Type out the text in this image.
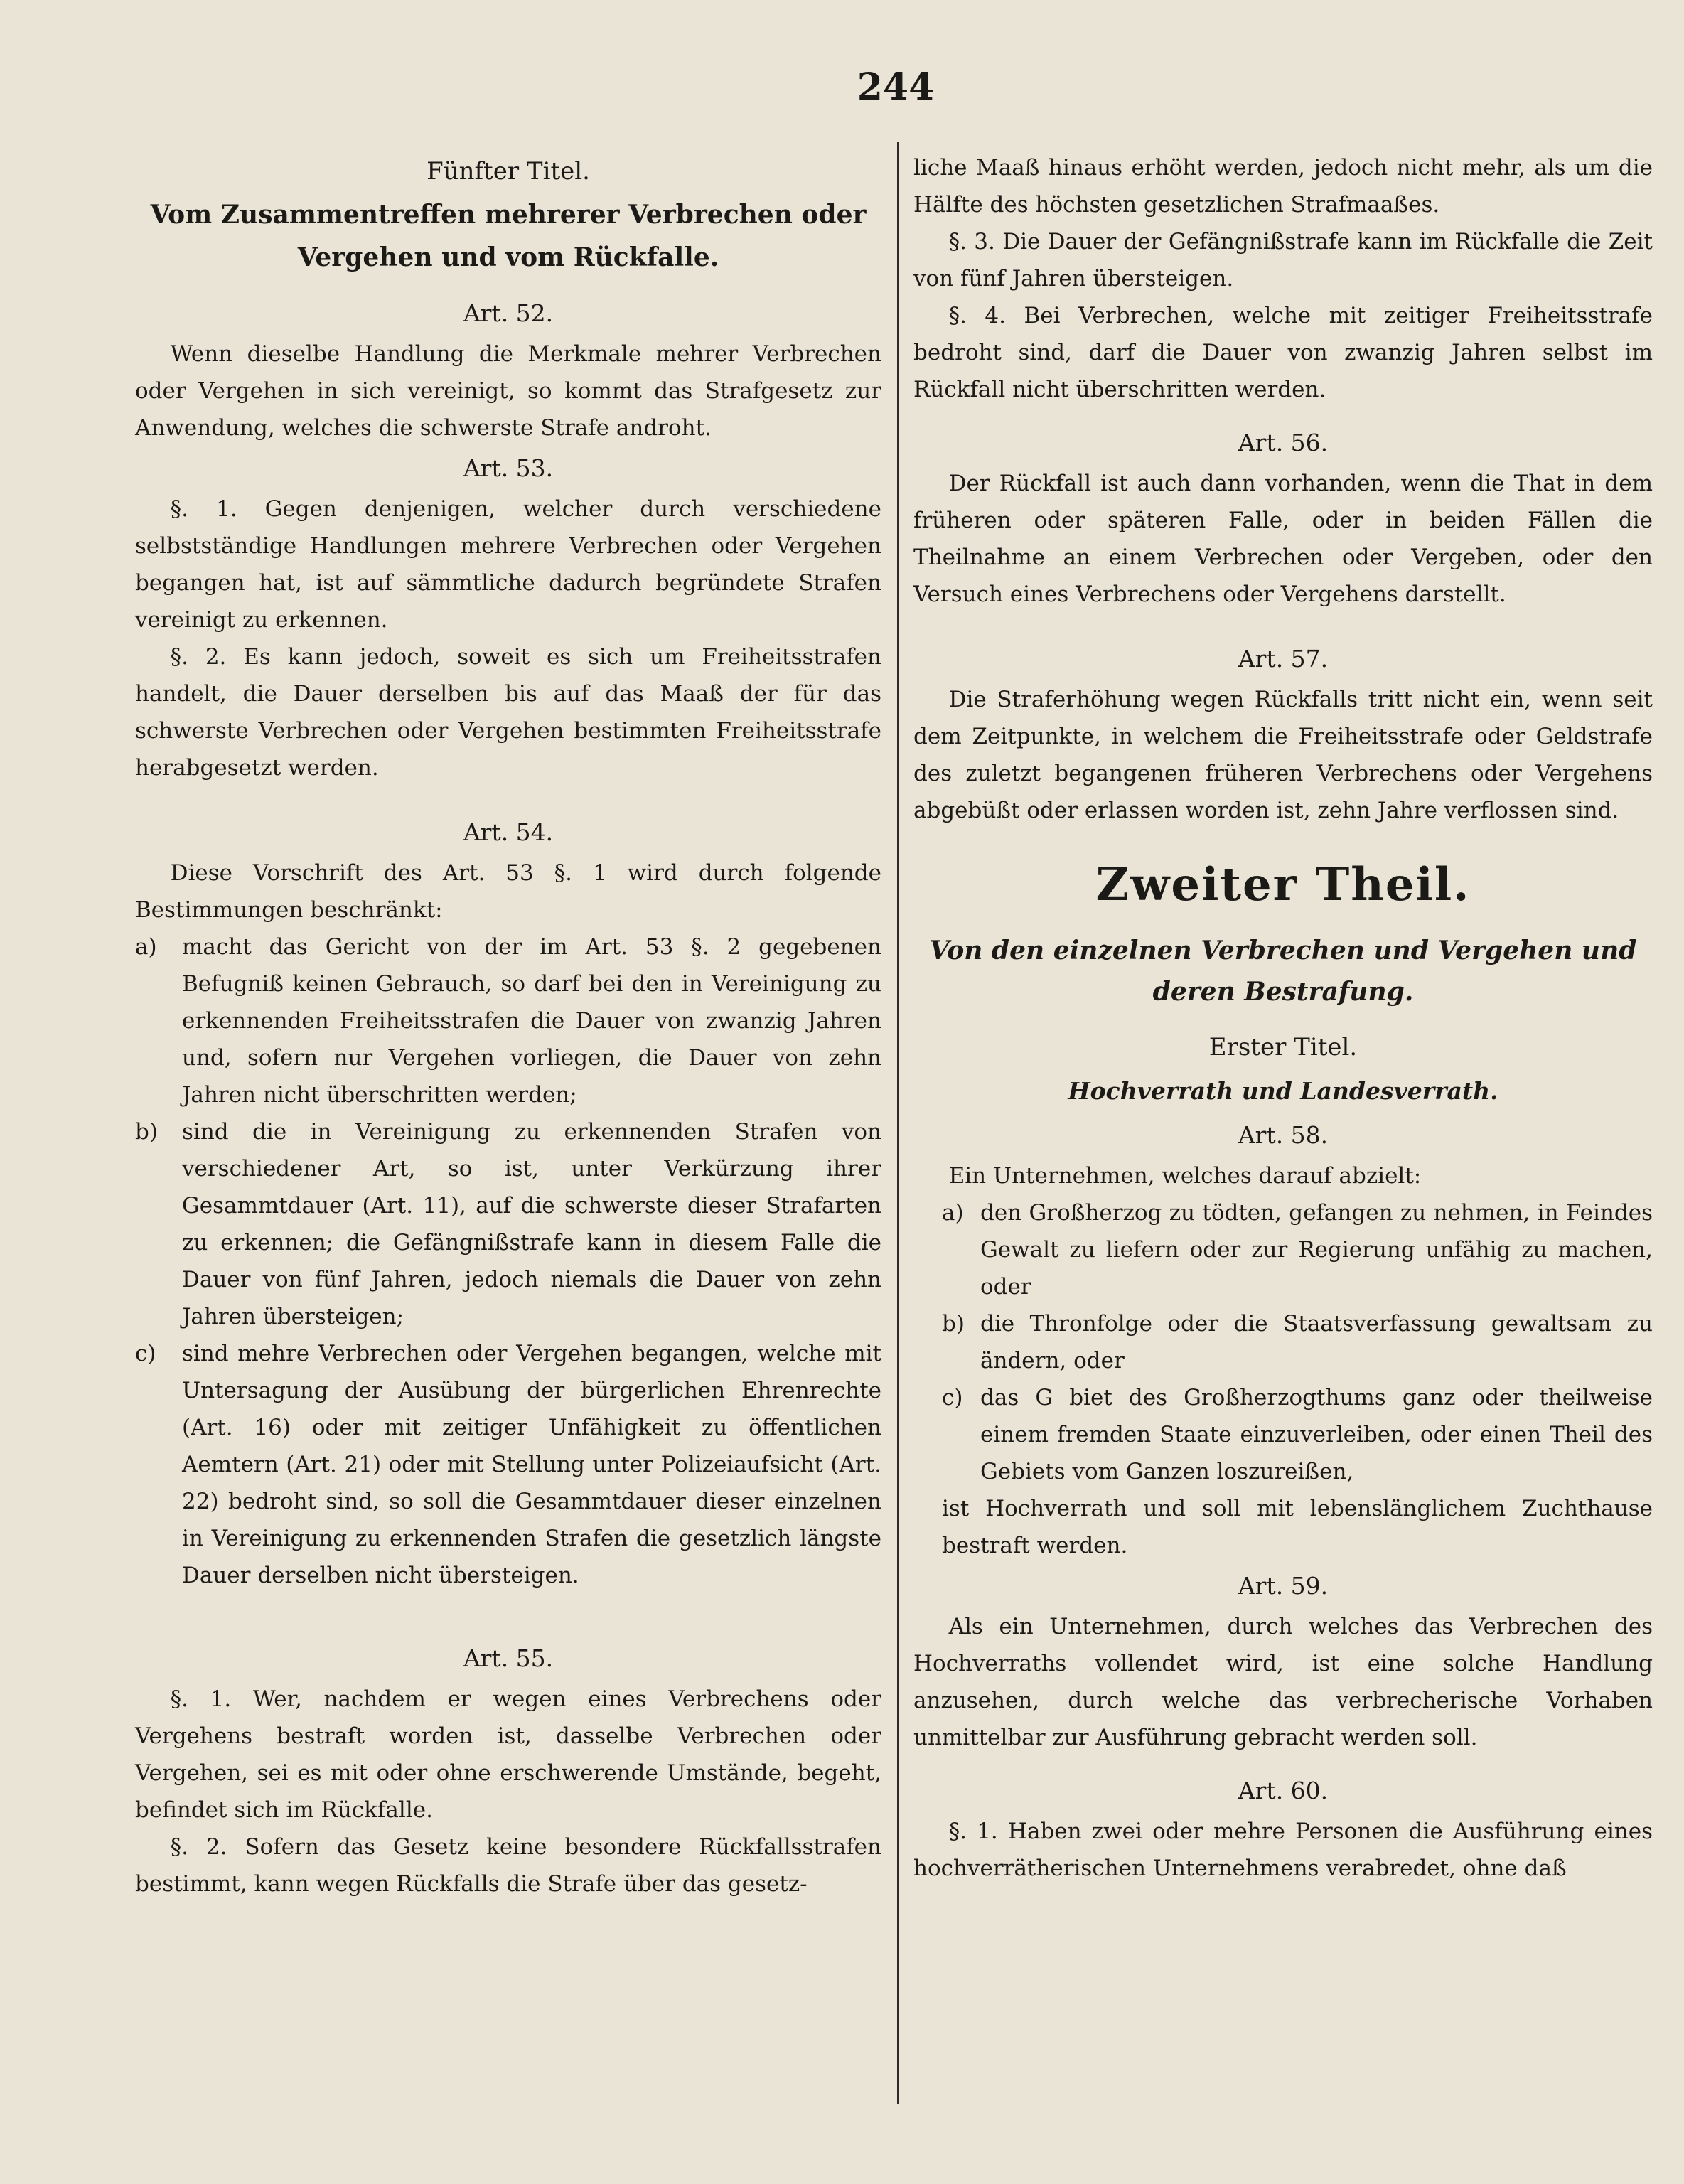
244

Fünfter Titel.

Vom Zusammentreffen mehrerer Verbrechen oder Vergehen und vom Rückfalle.

Art. 52.

Wenn dieselbe Handlung die Merkmale mehrer Verbrechen oder Vergehen in sich vereinigt, so kommt das Strafgesetz zur Anwendung, welches die schwerste Strafe androht.

Art. 53.

§. 1. Gegen denjenigen, welcher durch verschiedene selbstständige Handlungen mehrere Verbrechen oder Vergehen begangen hat, ist auf sämmtliche dadurch begründete Strafen vereinigt zu erkennen.

§. 2. Es kann jedoch, soweit es sich um Freiheitsstrafen handelt, die Dauer derselben bis auf das Maaß der für das schwerste Verbrechen oder Vergehen bestimmten Freiheitsstrafe herabgesetzt werden.

Art. 54.

Diese Vorschrift des Art. 53 §. 1 wird durch folgende Bestimmungen beschränkt:

a)	macht das Gericht von der im Art. 53 §. 2 gegebenen Befugniß keinen Gebrauch, so darf bei den in Vereinigung zu erkennenden Freiheitsstrafen die Dauer von zwanzig Jahren und, sofern nur Vergehen vorliegen, die Dauer von zehn Jahren nicht überschritten werden;
b)	sind die in Vereinigung zu erkennenden Strafen von verschiedener Art, so ist, unter Verkürzung ihrer Gesammtdauer (Art. 11), auf die schwerste dieser Strafarten zu erkennen; die Gefängnißstrafe kann in diesem Falle die Dauer von fünf Jahren, jedoch niemals die Dauer von zehn Jahren übersteigen;
c)	sind mehre Verbrechen oder Vergehen begangen, welche mit Untersagung der Ausübung der bürgerlichen Ehrenrechte (Art. 16) oder mit zeitiger Unfähigkeit zu öffentlichen Aemtern (Art. 21) oder mit Stellung unter Polizeiaufsicht (Art. 22) bedroht sind, so soll die Gesammtdauer dieser einzelnen in Vereinigung zu erkennenden Strafen die gesetzlich längste Dauer derselben nicht übersteigen.

Art. 55.

§. 1. Wer, nachdem er wegen eines Verbrechens oder Vergehens bestraft worden ist, dasselbe Verbrechen oder Vergehen, sei es mit oder ohne erschwerende Umstände, begeht, befindet sich im Rückfalle.

§. 2. Sofern das Gesetz keine besondere Rückfallsstrafen bestimmt, kann wegen Rückfalls die Strafe über das gesetz-

liche Maaß hinaus erhöht werden, jedoch nicht mehr, als um die Hälfte des höchsten gesetzlichen Strafmaaßes.

§. 3. Die Dauer der Gefängnißstrafe kann im Rückfalle die Zeit von fünf Jahren übersteigen.

§. 4. Bei Verbrechen, welche mit zeitiger Freiheitsstrafe bedroht sind, darf die Dauer von zwanzig Jahren selbst im Rückfall nicht überschritten werden.

Art. 56.

Der Rückfall ist auch dann vorhanden, wenn die That in dem früheren oder späteren Falle, oder in beiden Fällen die Theilnahme an einem Verbrechen oder Vergeben, oder den Versuch eines Verbrechens oder Vergehens darstellt.

Art. 57.

Die Straferhöhung wegen Rückfalls tritt nicht ein, wenn seit dem Zeitpunkte, in welchem die Freiheitsstrafe oder Geldstrafe des zuletzt begangenen früheren Verbrechens oder Vergehens abgebüßt oder erlassen worden ist, zehn Jahre verflossen sind.

Zweiter Theil.

Von den einzelnen Verbrechen und Vergehen und deren Bestrafung.

Erster Titel.

Hochverrath und Landesverrath.

Art. 58.

Ein Unternehmen, welches darauf abzielt:

a) den Großherzog zu tödten, gefangen zu nehmen, in Feindes Gewalt zu liefern oder zur Regierung unfähig zu machen, oder
b) die Thronfolge oder die Staatsverfassung gewaltsam zu ändern, oder
c) das G biet des Großherzogthums ganz oder theilweise einem fremden Staate einzuverleiben, oder einen Theil des Gebiets vom Ganzen loszureißen,

ist Hochverrath und soll mit lebenslänglichem Zuchthause bestraft werden.

Art. 59.

Als ein Unternehmen, durch welches das Verbrechen des Hochverraths vollendet wird, ist eine solche Handlung anzusehen, durch welche das verbrecherische Vorhaben unmittelbar zur Ausführung gebracht werden soll.

Art. 60.

§. 1. Haben zwei oder mehre Personen die Ausführung eines hochverrätherischen Unternehmens verabredet, ohne daß
